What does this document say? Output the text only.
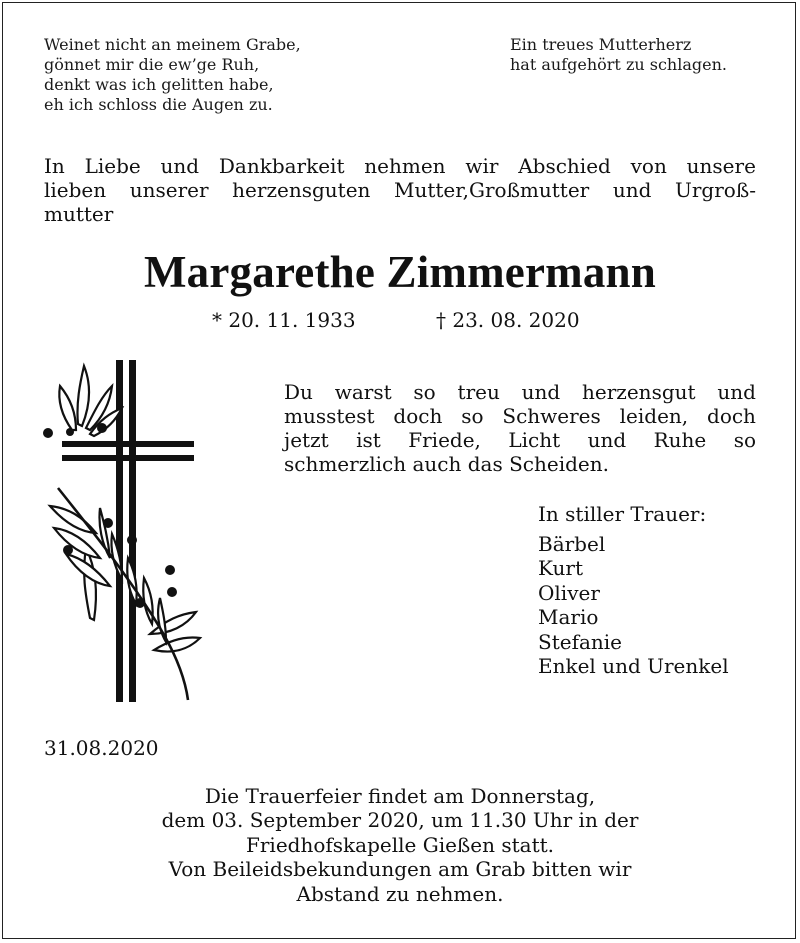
Weinet nicht an meinem Grabe,
gönnet mir die ew’ge Ruh,
denkt was ich gelitten habe,
eh ich schloss die Augen zu.
Ein treues Mutterherz
hat aufgehört zu schlagen.
In Liebe und Dankbarkeit nehmen wir Abschied von unsere
lieben unserer herzensguten Mutter,Großmutter und Urgroß-
mutter
Margarethe Zimmermann
* 20. 11. 1933	† 23. 08. 2020
Du warst so treu und herzensgut und
musstest doch so Schweres leiden, doch
jetzt ist Friede, Licht und Ruhe so
schmerzlich auch das Scheiden.
In stiller Trauer:
Bärbel
Kurt
Oliver
Mario
Stefanie
Enkel und Urenkel
31.08.2020
Die Trauerfeier findet am Donnerstag,
dem 03. September 2020, um 11.30 Uhr in der
Friedhofskapelle Gießen statt.
Von Beileidsbekundungen am Grab bitten wir
Abstand zu nehmen.
